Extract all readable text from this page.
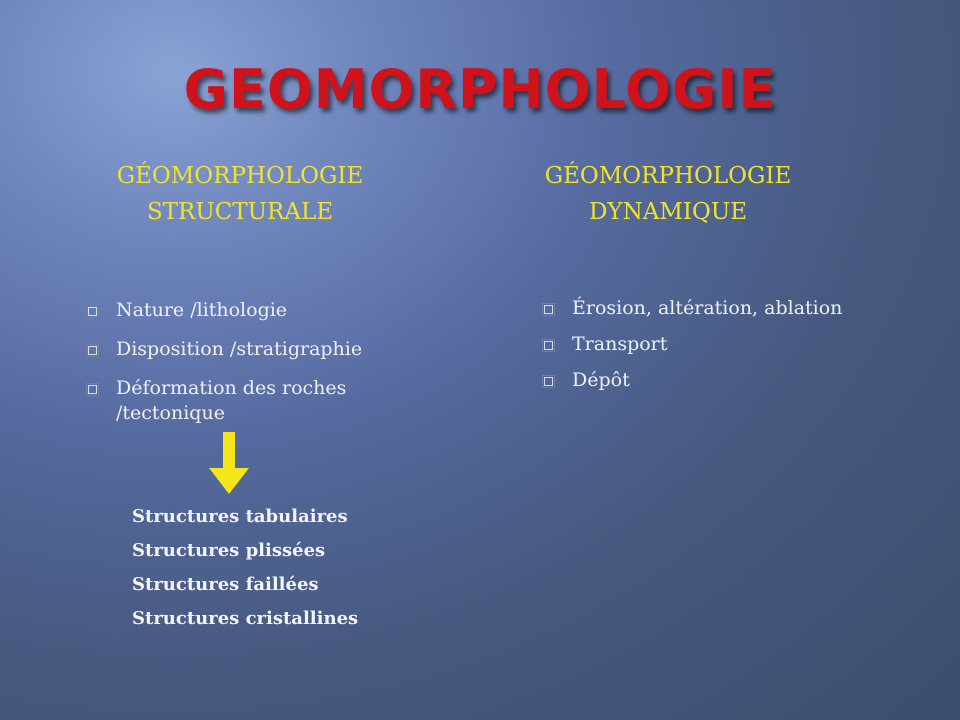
GEOMORPHOLOGIE
GÉOMORPHOLOGIE
STRUCTURALE
GÉOMORPHOLOGIE
DYNAMIQUE
Nature /lithologie
Disposition /stratigraphie
Déformation des roches /tectonique
Structures tabulaires
Structures plissées
Structures faillées
Structures cristallines
Érosion, altération, ablation
Transport
Dépôt
